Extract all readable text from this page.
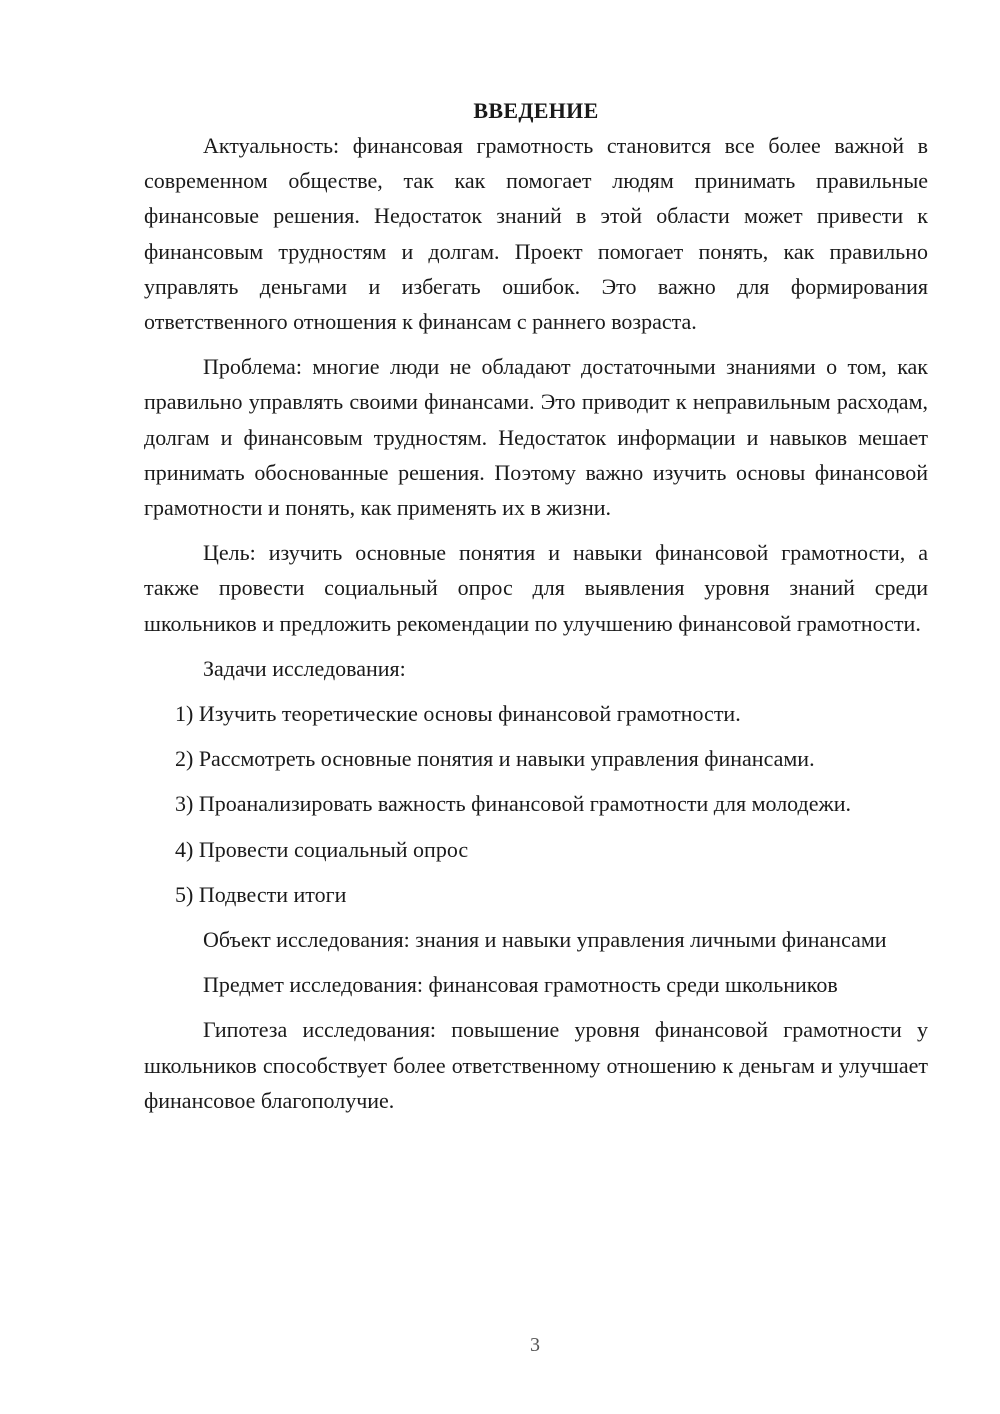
ВВЕДЕНИЕ

Актуальность: финансовая грамотность становится все более важной в современном обществе, так как помогает людям принимать правильные финансовые решения. Недостаток знаний в этой области может привести к финансовым трудностям и долгам. Проект помогает понять, как правильно управлять деньгами и избегать ошибок. Это важно для формирования ответственного отношения к финансам с раннего возраста.

Проблема: многие люди не обладают достаточными знаниями о том, как правильно управлять своими финансами. Это приводит к неправильным расходам, долгам и финансовым трудностям. Недостаток информации и навыков мешает принимать обоснованные решения. Поэтому важно изучить основы финансовой грамотности и понять, как применять их в жизни.

Цель: изучить основные понятия и навыки финансовой грамотности, а также провести социальный опрос для выявления уровня знаний среди школьников и предложить рекомендации по улучшению финансовой грамотности.

Задачи исследования:

1) Изучить теоретические основы финансовой грамотности.

2) Рассмотреть основные понятия и навыки управления финансами.

3) Проанализировать важность финансовой грамотности для молодежи.

4) Провести социальный опрос

5) Подвести итоги

Объект исследования: знания и навыки управления личными финансами

Предмет исследования: финансовая грамотность среди школьников

Гипотеза исследования: повышение уровня финансовой грамотности у школьников способствует более ответственному отношению к деньгам и улучшает финансовое благополучие.

3
